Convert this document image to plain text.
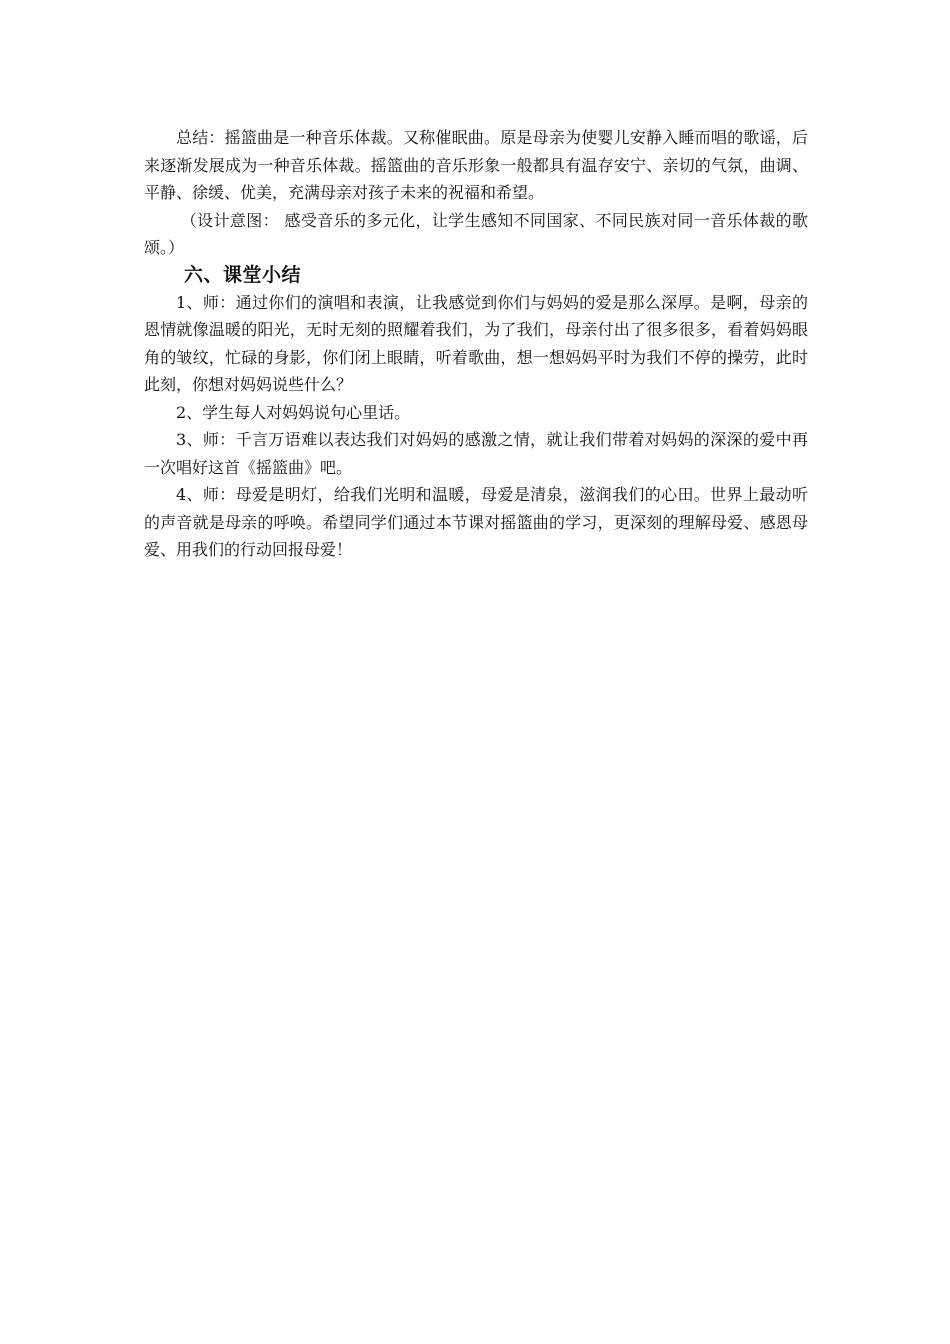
总结：摇篮曲是一种音乐体裁。又称催眠曲。原是母亲为使婴儿安静入睡而唱的歌谣，后来逐渐发展成为一种音乐体裁。摇篮曲的音乐形象一般都具有温存安宁、亲切的气氛，曲调、平静、徐缓、优美，充满母亲对孩子未来的祝福和希望。

（设计意图： 感受音乐的多元化，让学生感知不同国家、不同民族对同一音乐体裁的歌颂。）

六、课堂小结

1、师：通过你们的演唱和表演，让我感觉到你们与妈妈的爱是那么深厚。是啊，母亲的恩情就像温暖的阳光，无时无刻的照耀着我们，为了我们，母亲付出了很多很多，看着妈妈眼角的皱纹，忙碌的身影，你们闭上眼睛，听着歌曲，想一想妈妈平时为我们不停的操劳，此时此刻，你想对妈妈说些什么？

2、学生每人对妈妈说句心里话。

3、师：千言万语难以表达我们对妈妈的感激之情，就让我们带着对妈妈的深深的爱中再一次唱好这首《摇篮曲》吧。

4、师：母爱是明灯，给我们光明和温暖，母爱是清泉，滋润我们的心田。世界上最动听的声音就是母亲的呼唤。希望同学们通过本节课对摇篮曲的学习，更深刻的理解母爱、感恩母爱、用我们的行动回报母爱！
